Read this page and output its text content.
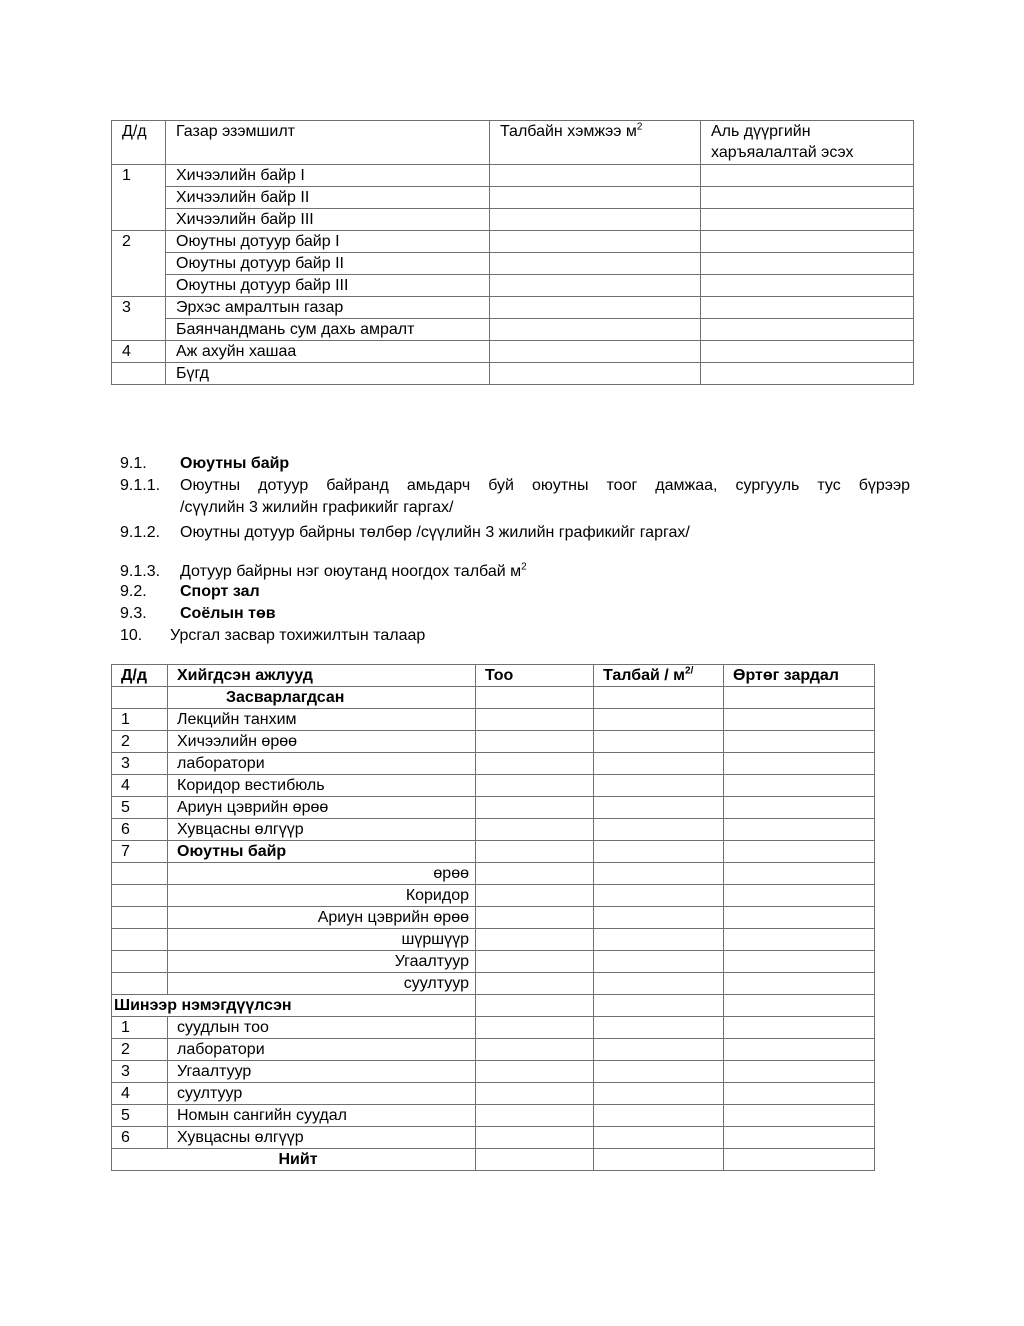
Д/д	Газар эзэмшилт	Талбайн хэмжээ $м^2$	Аль дүүргийн
харъяалалтай эсэх
1	Хичээлийн байр I		
	Хичээлийн байр II		
	Хичээлийн байр III		
2	Оюутны дотуур байр I		
	Оюутны дотуур байр II		
	Оюутны дотуур байр III		
3	Эрхэс амралтын газар		
	Баянчандмань сум дахь амралт		
4	Аж ахуйн хашаа		
	Бүгд		
9.1. Оюутны байр
9.1.1.	Оюутны дотуур байранд амьдарч буй оюутны тоог дамжаа, сургууль тус бүрээр
/сүүлийн 3 жилийн графикийг гаргах/
9.1.2. Оюутны дотуур байрны төлбөр /сүүлийн 3 жилийн графикийг гаргах/
9.1.3. Дотуур байрны нэг оюутанд ноогдох талбай $м^2$
9.2. Спорт зал
9.3. Соёлын төв
10. Урсгал засвар тохижилтын талаар
Д/д	Хийгдсэн ажлууд	Тоо	Талбай / $м^{2/}$	Өртөг зардал
	Засварлагдсан			
1	Лекцийн танхим			
2	Хичээлийн өрөө			
3	лаборатори			
4	Коридор вестибюль			
5	Ариун цэврийн өрөө			
6	Хувцасны өлгүүр			
7	Оюутны байр			
	өрөө			
	Коридор			
	Ариун цэврийн өрөө			
	шүршүүр			
	Угаалтуур			
	суултуур			
Шинээр нэмэгдүүлсэн				
1	суудлын тоо			
2	лаборатори			
3	Угаалтуур			
4	суултуур			
5	Номын сангийн суудал			
6	Хувцасны өлгүүр			
Нийт				
